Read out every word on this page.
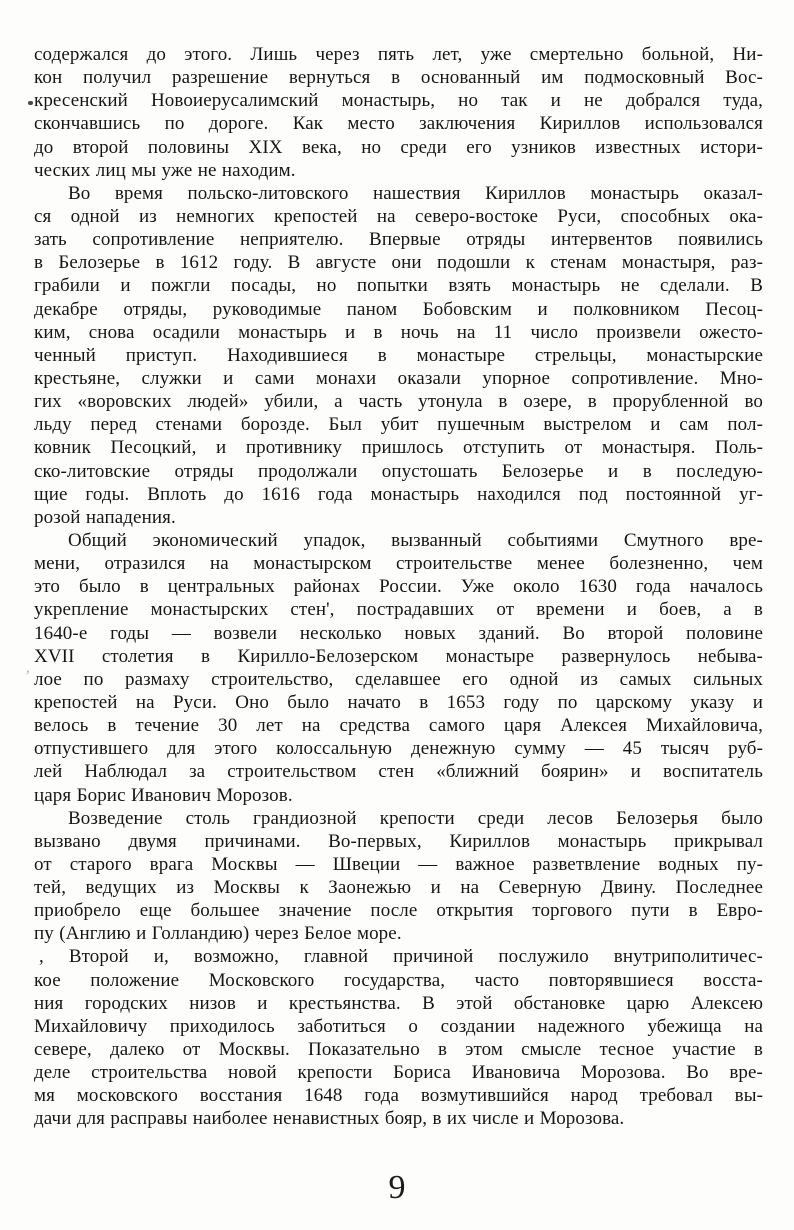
,
содержался до этого. Лишь через пять лет, уже смертельно больной, Ни-
кон получил разрешение вернуться в основанный им подмосковный Вос-
кресенский Новоиерусалимский монастырь, но так и не добрался туда,
скончавшись по дороге. Как место заключения Кириллов использовался
до второй половины XIX века, но среди его узников известных истори-
ческих лиц мы уже не находим.
Во время польско-литовского нашествия Кириллов монастырь оказал-
ся одной из немногих крепостей на северо-востоке Руси, способных ока-
зать сопротивление неприятелю. Впервые отряды интервентов появились
в Белозерье в 1612 году. В августе они подошли к стенам монастыря, раз-
грабили и пожгли посады, но попытки взять монастырь не сделали. В
декабре отряды, руководимые паном Бобовским и полковником Песоц-
ким, снова осадили монастырь и в ночь на 11 число произвели ожесто-
ченный приступ. Находившиеся в монастыре стрельцы, монастырские
крестьяне, служки и сами монахи оказали упорное сопротивление. Мно-
гих «воровских людей» убили, а часть утонула в озере, в прорубленной во
льду перед стенами борозде. Был убит пушечным выстрелом и сам пол-
ковник Песоцкий, и противнику пришлось отступить от монастыря. Поль-
ско-литовские отряды продолжали опустошать Белозерье и в последую-
щие годы. Вплоть до 1616 года монастырь находился под постоянной уг-
розой нападения.
Общий экономический упадок, вызванный событиями Смутного вре-
мени, отразился на монастырском строительстве менее болезненно, чем
это было в центральных районах России. Уже около 1630 года началось
укрепление монастырских стен', пострадавших от времени и боев, а в
1640-е годы — возвели несколько новых зданий. Во второй половине
XVII столетия в Кирилло-Белозерском монастыре развернулось небыва-
лое по размаху строительство, сделавшее его одной из самых сильных
крепостей на Руси. Оно было начато в 1653 году по царскому указу и
велось в течение 30 лет на средства самого царя Алексея Михайловича,
отпустившего для этого колоссальную денежную сумму — 45 тысяч руб-
лей Наблюдал за строительством стен «ближний боярин» и воспитатель
царя Борис Иванович Морозов.
Возведение столь грандиозной крепости среди лесов Белозерья было
вызвано двумя причинами. Во-первых, Кириллов монастырь прикрывал
от старого врага Москвы — Швеции — важное разветвление водных пу-
тей, ведущих из Москвы к Заонежью и на Северную Двину. Последнее
приобрело еще большее значение после открытия торгового пути в Евро-
пу (Англию и Голландию) через Белое море.
, Второй и, возможно, главной причиной послужило внутриполитичес-
кое положение Московского государства, часто повторявшиеся восста-
ния городских низов и крестьянства. В этой обстановке царю Алексею
Михайловичу приходилось заботиться о создании надежного убежища на
севере, далеко от Москвы. Показательно в этом смысле тесное участие в
деле строительства новой крепости Бориса Ивановича Морозова. Во вре-
мя московского восстания 1648 года возмутившийся народ требовал вы-
дачи для расправы наиболее ненавистных бояр, в их числе и Морозова.
9
